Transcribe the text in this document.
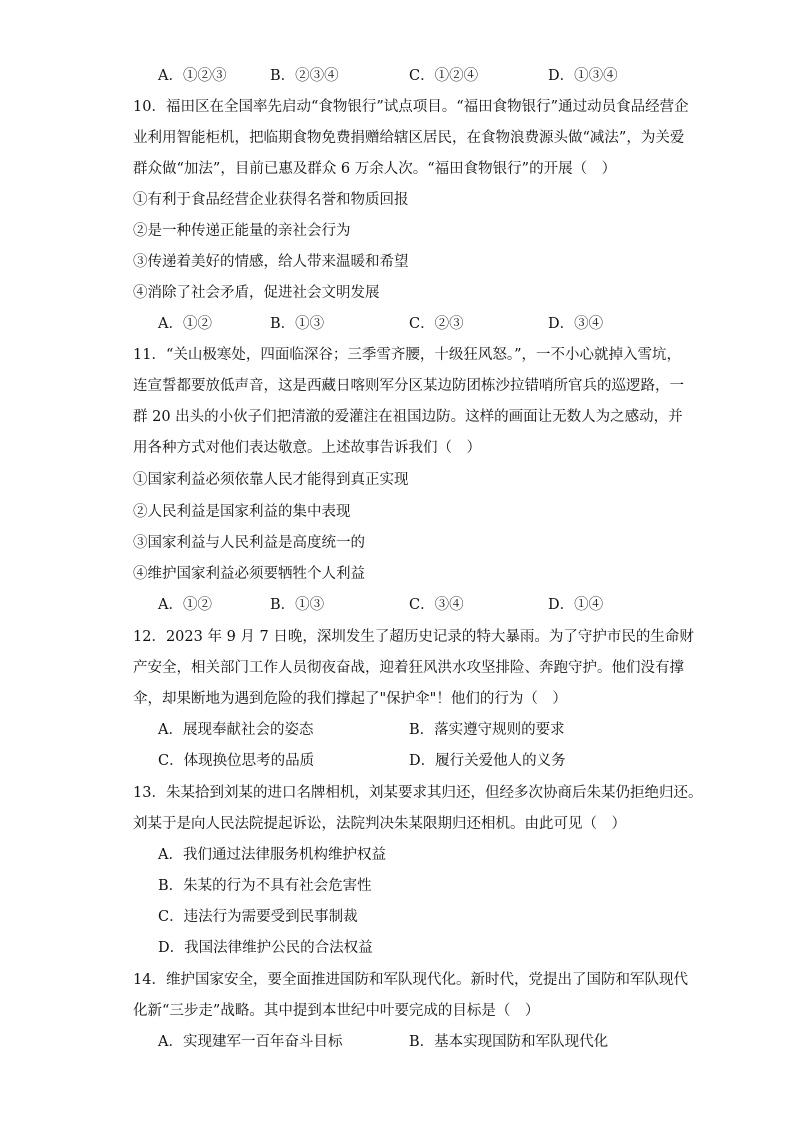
A．①②③	B．②③④	C．①②④	D．①③④
10．福田区在全国率先启动“食物银行”试点项目。“福田食物银行”通过动员食品经营企
业利用智能柜机，把临期食物免费捐赠给辖区居民，在食物浪费源头做“减法”，为关爱
群众做“加法”，目前已惠及群众 6 万余人次。“福田食物银行”的开展（　）
①有利于食品经营企业获得名誉和物质回报
②是一种传递正能量的亲社会行为
③传递着美好的情感，给人带来温暖和希望
④消除了社会矛盾，促进社会文明发展
A．①②	B．①③	C．②③	D．③④
11．“关山极寒处，四面临深谷；三季雪齐腰，十级狂风怒。”，一不小心就掉入雪坑，
连宣誓都要放低声音，这是西藏日喀则军分区某边防团栋沙拉错哨所官兵的巡逻路，一
群 20 出头的小伙子们把清澈的爱灌注在祖国边防。这样的画面让无数人为之感动，并
用各种方式对他们表达敬意。上述故事告诉我们（　）
①国家利益必须依靠人民才能得到真正实现
②人民利益是国家利益的集中表现
③国家利益与人民利益是高度统一的
④维护国家利益必须要牺牲个人利益
A．①②	B．①③	C．③④	D．①④
12．2023 年 9 月 7 日晚，深圳发生了超历史记录的特大暴雨。为了守护市民的生命财
产安全，相关部门工作人员彻夜奋战，迎着狂风洪水攻坚排险、奔跑守护。他们没有撑
伞，却果断地为遇到危险的我们撑起了"保护伞"！他们的行为（　）
A．展现奉献社会的姿态	B．落实遵守规则的要求
C．体现换位思考的品质	D．履行关爱他人的义务
13．朱某拾到刘某的进口名牌相机，刘某要求其归还，但经多次协商后朱某仍拒绝归还。
刘某于是向人民法院提起诉讼，法院判决朱某限期归还相机。由此可见（　）
A．我们通过法律服务机构维护权益
B．朱某的行为不具有社会危害性
C．违法行为需要受到民事制裁
D．我国法律维护公民的合法权益
14．维护国家安全，要全面推进国防和军队现代化。新时代，党提出了国防和军队现代
化新“三步走”战略。其中提到本世纪中叶要完成的目标是（　）
A．实现建军一百年奋斗目标	B．基本实现国防和军队现代化
